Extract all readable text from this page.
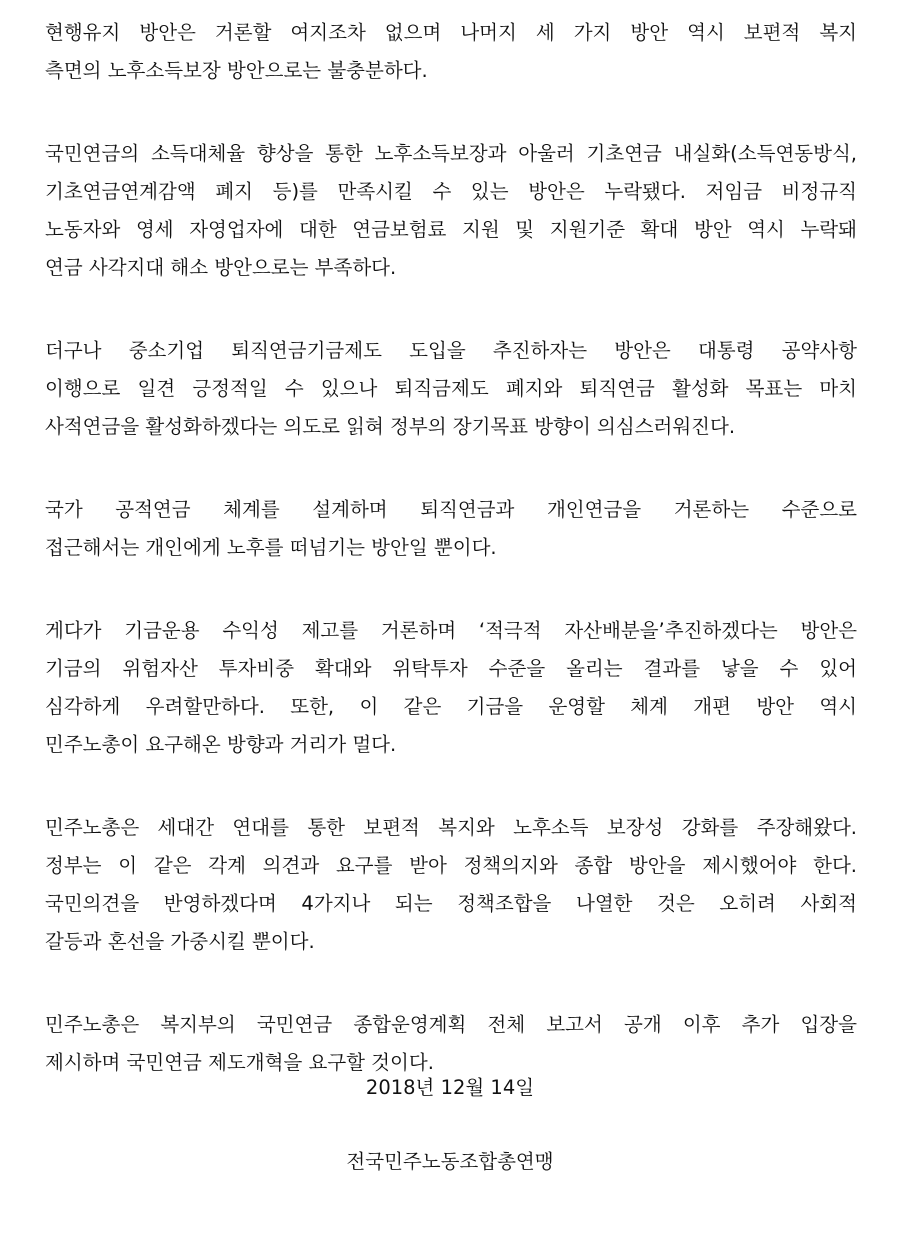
현행유지 방안은 거론할 여지조차 없으며 나머지 세 가지 방안 역시 보편적 복지
측면의 노후소득보장 방안으로는 불충분하다.
국민연금의 소득대체율 향상을 통한 노후소득보장과 아울러 기초연금 내실화(소득연동방식,
기초연금연계감액 폐지 등)를 만족시킬 수 있는 방안은 누락됐다. 저임금 비정규직
노동자와 영세 자영업자에 대한 연금보험료 지원 및 지원기준 확대 방안 역시 누락돼
연금 사각지대 해소 방안으로는 부족하다.
더구나 중소기업 퇴직연금기금제도 도입을 추진하자는 방안은 대통령 공약사항
이행으로 일견 긍정적일 수 있으나 퇴직금제도 폐지와 퇴직연금 활성화 목표는 마치
사적연금을 활성화하겠다는 의도로 읽혀 정부의 장기목표 방향이 의심스러워진다.
국가 공적연금 체계를 설계하며 퇴직연금과 개인연금을 거론하는 수준으로
접근해서는 개인에게 노후를 떠넘기는 방안일 뿐이다.
게다가 기금운용 수익성 제고를 거론하며 ‘적극적 자산배분을’추진하겠다는 방안은
기금의 위험자산 투자비중 확대와 위탁투자 수준을 올리는 결과를 낳을 수 있어
심각하게 우려할만하다. 또한, 이 같은 기금을 운영할 체계 개편 방안 역시
민주노총이 요구해온 방향과 거리가 멀다.
민주노총은 세대간 연대를 통한 보편적 복지와 노후소득 보장성 강화를 주장해왔다.
정부는 이 같은 각계 의견과 요구를 받아 정책의지와 종합 방안을 제시했어야 한다.
국민의견을 반영하겠다며 4가지나 되는 정책조합을 나열한 것은 오히려 사회적
갈등과 혼선을 가중시킬 뿐이다.
민주노총은 복지부의 국민연금 종합운영계획 전체 보고서 공개 이후 추가 입장을
제시하며 국민연금 제도개혁을 요구할 것이다.
2018년 12월 14일
전국민주노동조합총연맹
